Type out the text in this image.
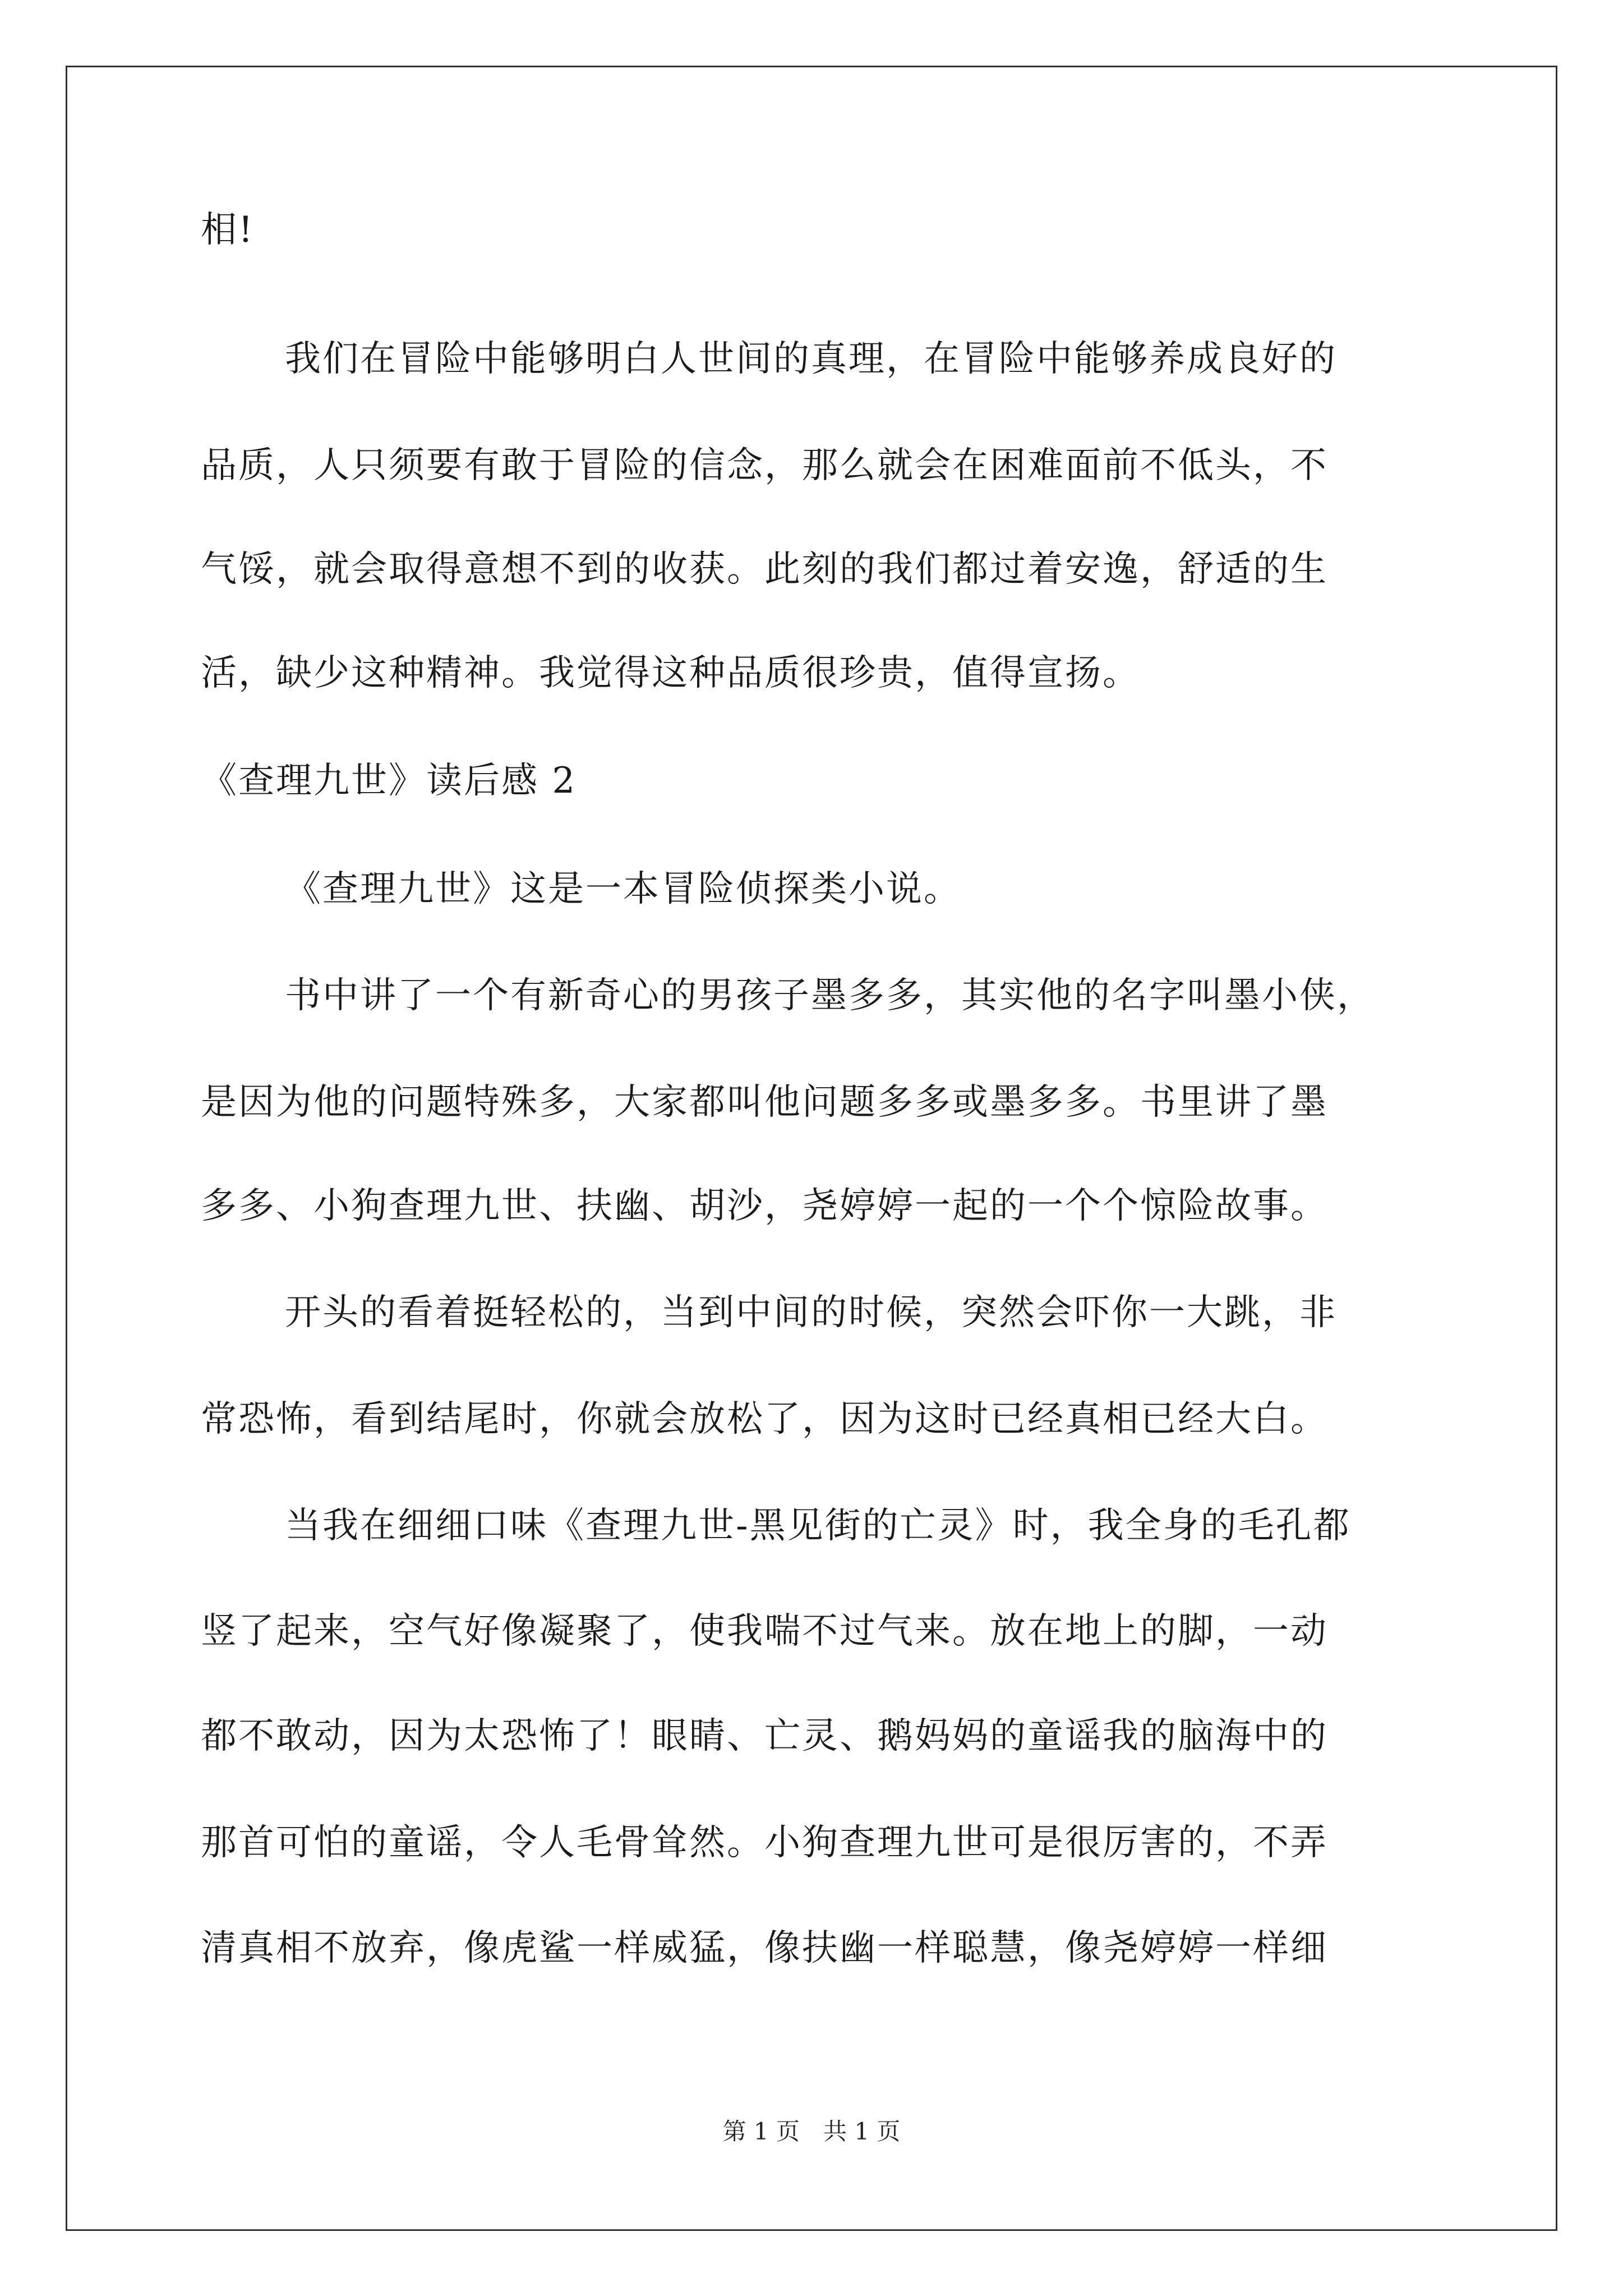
相!
我们在冒险中能够明白人世间的真理，在冒险中能够养成良好的
品质，人只须要有敢于冒险的信念，那么就会在困难面前不低头，不
气馁，就会取得意想不到的收获。此刻的我们都过着安逸，舒适的生
活，缺少这种精神。我觉得这种品质很珍贵，值得宣扬。
《查理九世》读后感 2
《查理九世》这是一本冒险侦探类小说。
书中讲了一个有新奇心的男孩子墨多多，其实他的名字叫墨小侠，
是因为他的问题特殊多，大家都叫他问题多多或墨多多。书里讲了墨
多多、小狗查理九世、扶幽、胡沙，尧婷婷一起的一个个惊险故事。
开头的看着挺轻松的，当到中间的时候，突然会吓你一大跳，非
常恐怖，看到结尾时，你就会放松了，因为这时已经真相已经大白。
当我在细细口味《查理九世-黑见街的亡灵》时，我全身的毛孔都
竖了起来，空气好像凝聚了，使我喘不过气来。放在地上的脚，一动
都不敢动，因为太恐怖了！眼睛、亡灵、鹅妈妈的童谣我的脑海中的
那首可怕的童谣，令人毛骨耸然。小狗查理九世可是很厉害的，不弄
清真相不放弃，像虎鲨一样威猛，像扶幽一样聪慧，像尧婷婷一样细
第 1 页　共 1 页
